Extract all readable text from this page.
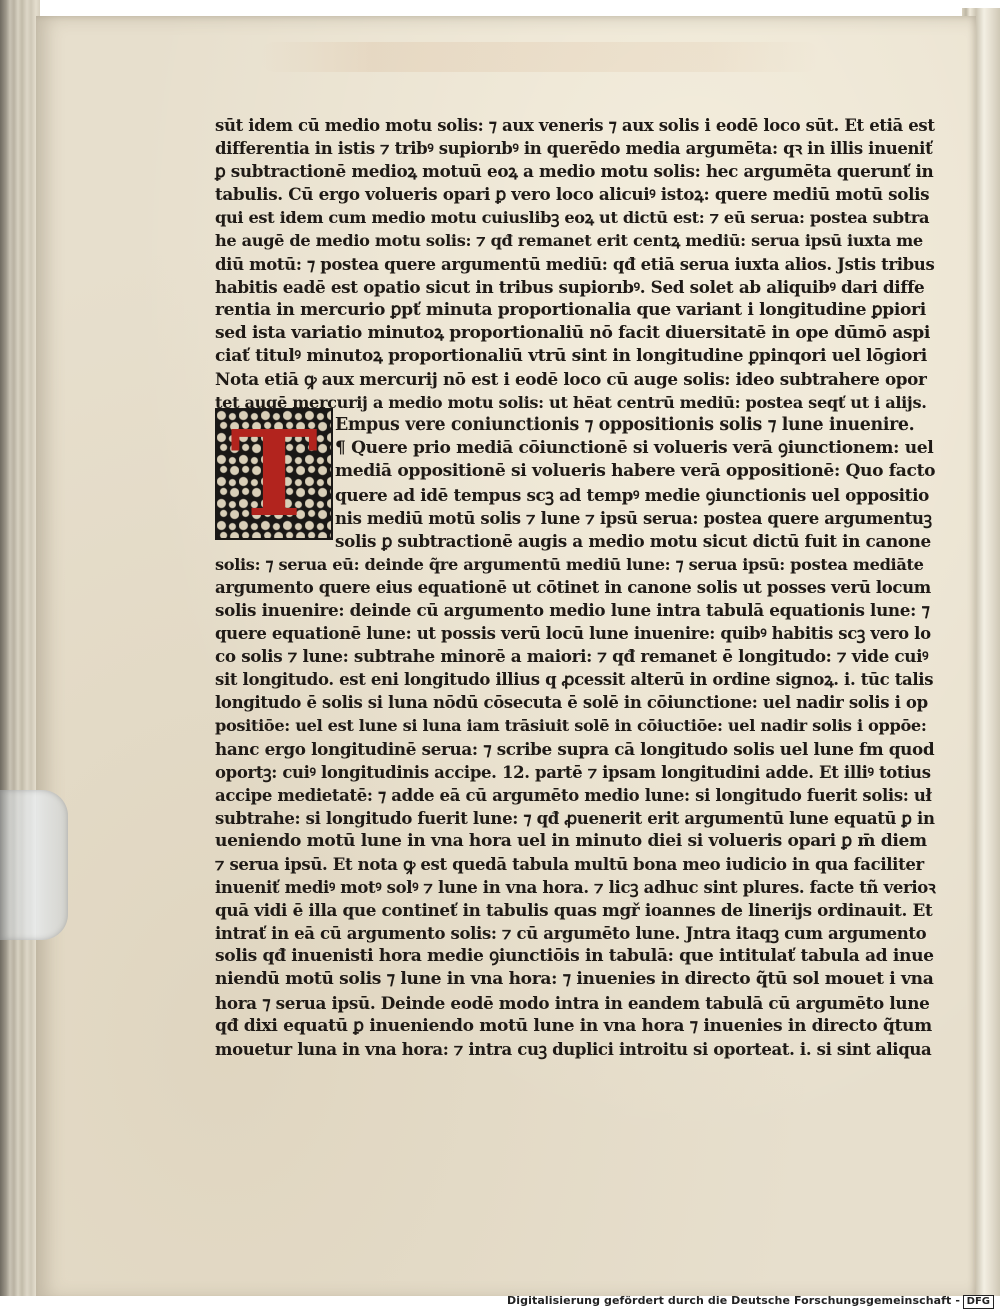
T
sūt idem cū medio motu solis: ⁊ aux veneris ⁊ aux solis i eodē loco sūt. Et etiā est
differentia in istis ⁊ tribꝰ supiorıbꝰ in querēdo media argumēta: qꝛ in illis inueniť
ꝑ subtractionē medioꝝ motuū eoꝝ a medio motu solis: hec argumēta querunť in
tabulis. Cū ergo volueris opari ꝑ vero loco alicuiꝰ istoꝝ: quere mediū motū solis
qui est idem cum medio motu cuiuslibꝫ eoꝝ ut dictū est: ⁊ eū serua: postea subtra
he augē de medio motu solis: ⁊ qđ remanet erit centꝝ mediū: serua ipsū iuxta me
diū motū: ⁊ postea quere argumentū mediū: qđ etiā serua iuxta alios. Jstis tribus
habitis eadē est opatio sicut in tribus supiorıbꝰ. Sed solet ab aliquibꝰ dari diffe
rentia in mercurio ꝑpť minuta proportionalia que variant i longitudine ꝑpiori
sed ista variatio minutoꝝ proportionaliū nō facit diuersitatē in ope dūmō aspi
ciať titulꝰ minutoꝝ proportionaliū vtrū sint in longitudine ꝑpinqori uel lōgiori
Nota etiā ꝙ aux mercurij nō est i eodē loco cū auge solis: ideo subtrahere opor
tet augē mercurij a medio motu solis: ut hēat centrū mediū: postea seqť ut i alijs.
Empus vere coniunctionis ⁊ oppositionis solis ⁊ lune inuenire.
¶ Quere prio mediā cōiunctionē si volueris verā ꝯiunctionem: uel
mediā oppositionē si volueris habere verā oppositionē: Quo facto
quere ad idē tempus scꝫ ad tempꝰ medie ꝯiunctionis uel oppositio
nis mediū motū solis ⁊ lune ⁊ ipsū serua: postea quere argumentuꝫ
solis ꝑ subtractionē augis a medio motu sicut dictū fuit in canone
solis: ⁊ serua eū: deinde q̃re argumentū mediū lune: ⁊ serua ipsū: postea mediāte
argumento quere eius equationē ut cōtinet in canone solis ut posses verū locum
solis inuenire: deinde cū argumento medio lune intra tabulā equationis lune: ⁊
quere equationē lune: ut possis verū locū lune inuenire: quibꝰ habitis scꝫ vero lo
co solis ⁊ lune: subtrahe minorē a maiori: ⁊ qđ remanet ē longitudo: ⁊ vide cuiꝰ
sit longitudo. est eni longitudo illius q ꝓcessit alterū in ordine signoꝝ. i. tūc talis
longitudo ē solis si luna nōdū cōsecuta ē solē in cōiunctione: uel nadir solis i op
positiōe: uel est lune si luna iam trāsiuit solē in cōiuctiōe: uel nadir solis i oppōe:
hanc ergo longitudinē serua: ⁊ scribe supra cā longitudo solis uel lune fm quod
oportꝫ: cuiꝰ longitudinis accipe. 12. partē ⁊ ipsam longitudini adde. Et illiꝰ totius
accipe medietatē: ⁊ adde eā cū argumēto medio lune: si longitudo fuerit solis: uł
subtrahe: si longitudo fuerit lune: ⁊ qđ ꝓuenerit erit argumentū lune equatū ꝑ in
ueniendo motū lune in vna hora uel in minuto diei si volueris opari ꝑ m̄ diem
⁊ serua ipsū. Et nota ꝙ est quedā tabula multū bona meo iudicio in qua faciliter
inueniť mediꝰ motꝰ solꝰ ⁊ lune in vna hora. ⁊ licꝫ adhuc sint plures. facte tñ verioꝛ
quā vidi ē illa que contineť in tabulis quas mgř ioannes de linerijs ordinauit. Et
intrať in eā cū argumento solis: ⁊ cū argumēto lune. Jntra itaqꝫ cum argumento
solis qđ inuenisti hora medie ꝯiunctiōis in tabulā: que intitulať tabula ad inue
niendū motū solis ⁊ lune in vna hora: ⁊ inuenies in directo q̃tū sol mouet i vna
hora ⁊ serua ipsū. Deinde eodē modo intra in eandem tabulā cū argumēto lune
qđ dixi equatū ꝑ inueniendo motū lune in vna hora ⁊ inuenies in directo q̃tum
mouetur luna in vna hora: ⁊ intra cuꝫ duplici introitu si oporteat. i. si sint aliqua
Digitalisierung gefördert durch die Deutsche Forschungsgemeinschaft - DFG
